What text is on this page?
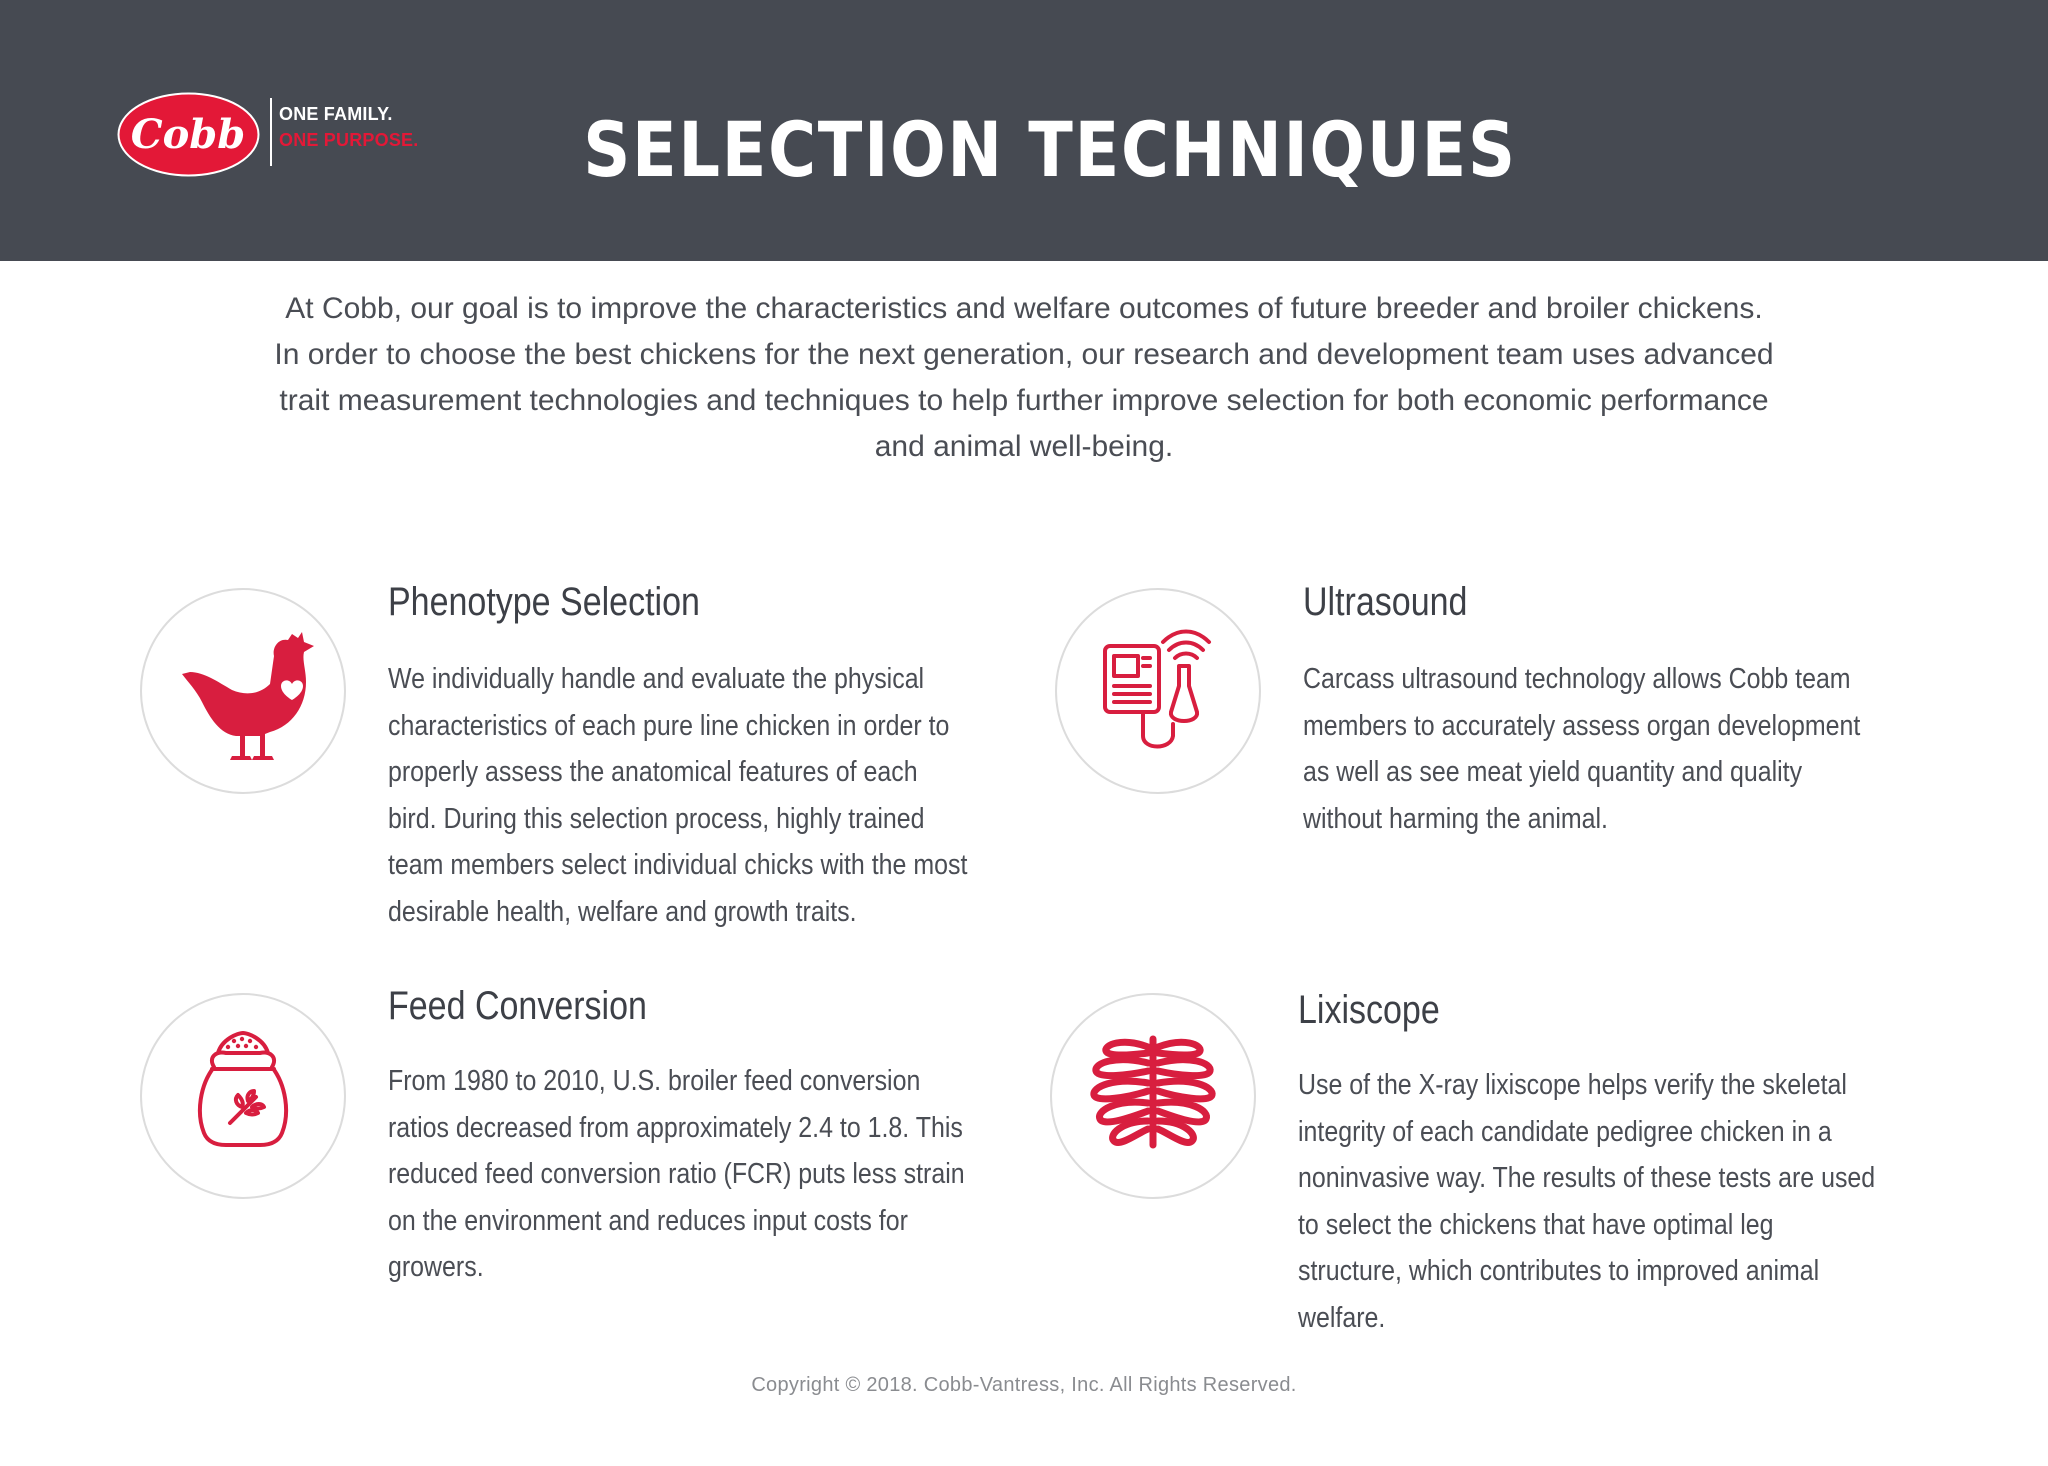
Cobb ONE FAMILY.
ONE PURPOSE.	SELECTION TECHNIQUES
At Cobb, our goal is to improve the characteristics and welfare outcomes of future breeder and broiler chickens. In order to choose the best chickens for the next generation, our research and development team uses advanced trait measurement technologies and techniques to help further improve selection for both economic performance and animal well-being.
Phenotype Selection
We individually handle and evaluate the physical characteristics of each pure line chicken in order to properly assess the anatomical features of each bird. During this selection process, highly trained team members select individual chicks with the most desirable health, welfare and growth traits.
Ultrasound
Carcass ultrasound technology allows Cobb team members to accurately assess organ development as well as see meat yield quantity and quality without harming the animal.
Feed Conversion
From 1980 to 2010, U.S. broiler feed conversion ratios decreased from approximately 2.4 to 1.8. This reduced feed conversion ratio (FCR) puts less strain on the environment and reduces input costs for growers.
Lixiscope
Use of the X-ray lixiscope helps verify the skeletal integrity of each candidate pedigree chicken in a noninvasive way. The results of these tests are used to select the chickens that have optimal leg structure, which contributes to improved animal welfare.
Copyright © 2018. Cobb-Vantress, Inc. All Rights Reserved.
